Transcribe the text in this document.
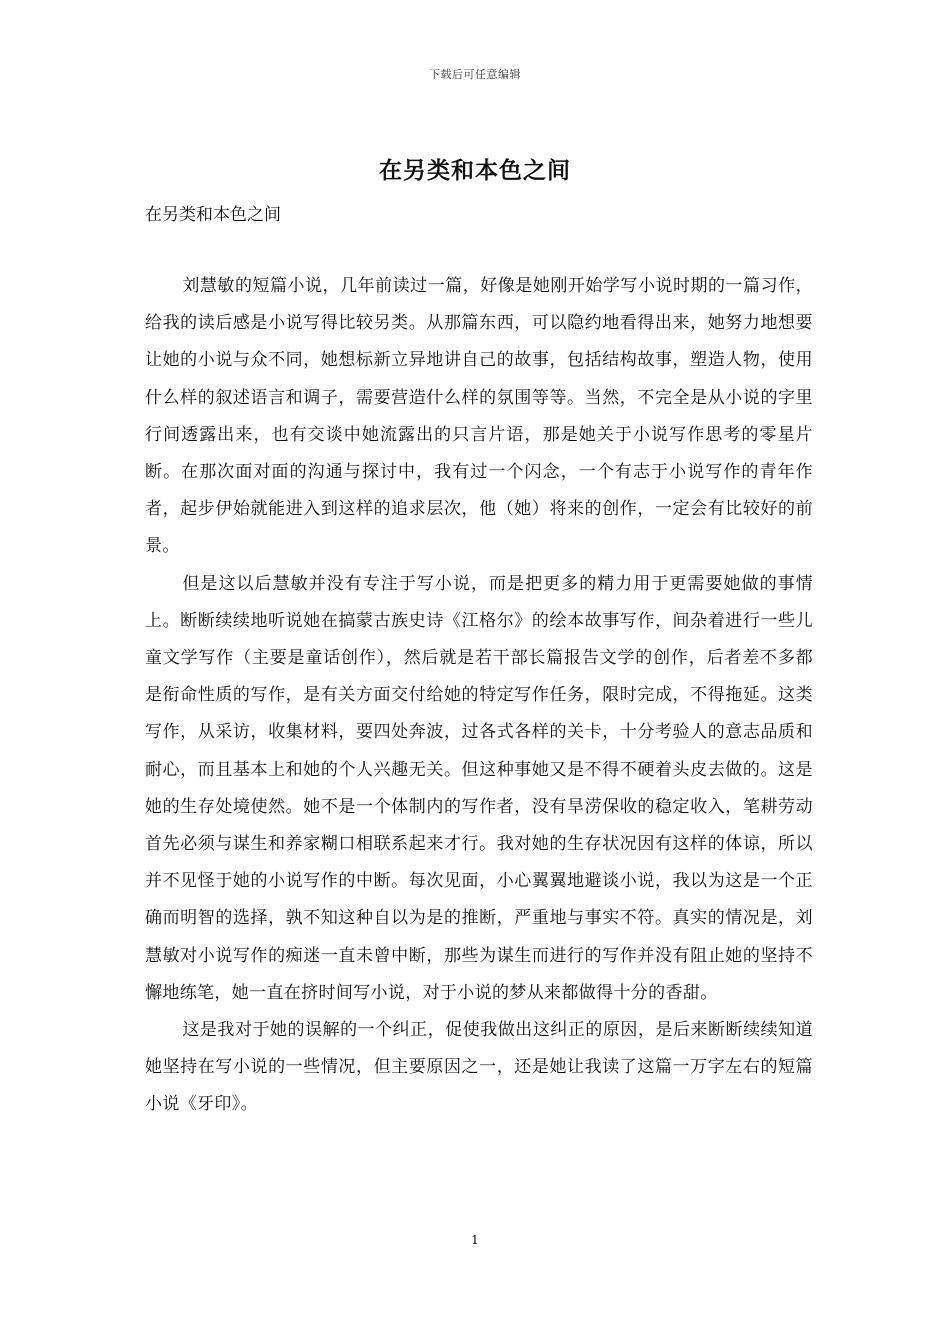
下载后可任意编辑
在另类和本色之间
在另类和本色之间

刘慧敏的短篇小说，几年前读过一篇，好像是她刚开始学写小说时期的一篇习作，给我的读后感是小说写得比较另类。从那篇东西，可以隐约地看得出来，她努力地想要让她的小说与众不同，她想标新立异地讲自己的故事，包括结构故事，塑造人物，使用什么样的叙述语言和调子，需要营造什么样的氛围等等。当然，不完全是从小说的字里行间透露出来，也有交谈中她流露出的只言片语，那是她关于小说写作思考的零星片断。在那次面对面的沟通与探讨中，我有过一个闪念，一个有志于小说写作的青年作者，起步伊始就能进入到这样的追求层次，他（她）将来的创作，一定会有比较好的前景。

但是这以后慧敏并没有专注于写小说，而是把更多的精力用于更需要她做的事情上。断断续续地听说她在搞蒙古族史诗《江格尔》的绘本故事写作，间杂着进行一些儿童文学写作（主要是童话创作），然后就是若干部长篇报告文学的创作，后者差不多都是衔命性质的写作，是有关方面交付给她的特定写作任务，限时完成，不得拖延。这类写作，从采访，收集材料，要四处奔波，过各式各样的关卡，十分考验人的意志品质和耐心，而且基本上和她的个人兴趣无关。但这种事她又是不得不硬着头皮去做的。这是她的生存处境使然。她不是一个体制内的写作者，没有旱涝保收的稳定收入，笔耕劳动首先必须与谋生和养家糊口相联系起来才行。我对她的生存状况因有这样的体谅，所以并不见怪于她的小说写作的中断。每次见面，小心翼翼地避谈小说，我以为这是一个正确而明智的选择，孰不知这种自以为是的推断，严重地与事实不符。真实的情况是，刘慧敏对小说写作的痴迷一直未曾中断，那些为谋生而进行的写作并没有阻止她的坚持不懈地练笔，她一直在挤时间写小说，对于小说的梦从来都做得十分的香甜。

这是我对于她的误解的一个纠正，促使我做出这纠正的原因，是后来断断续续知道她坚持在写小说的一些情况，但主要原因之一，还是她让我读了这篇一万字左右的短篇小说《牙印》。

1
